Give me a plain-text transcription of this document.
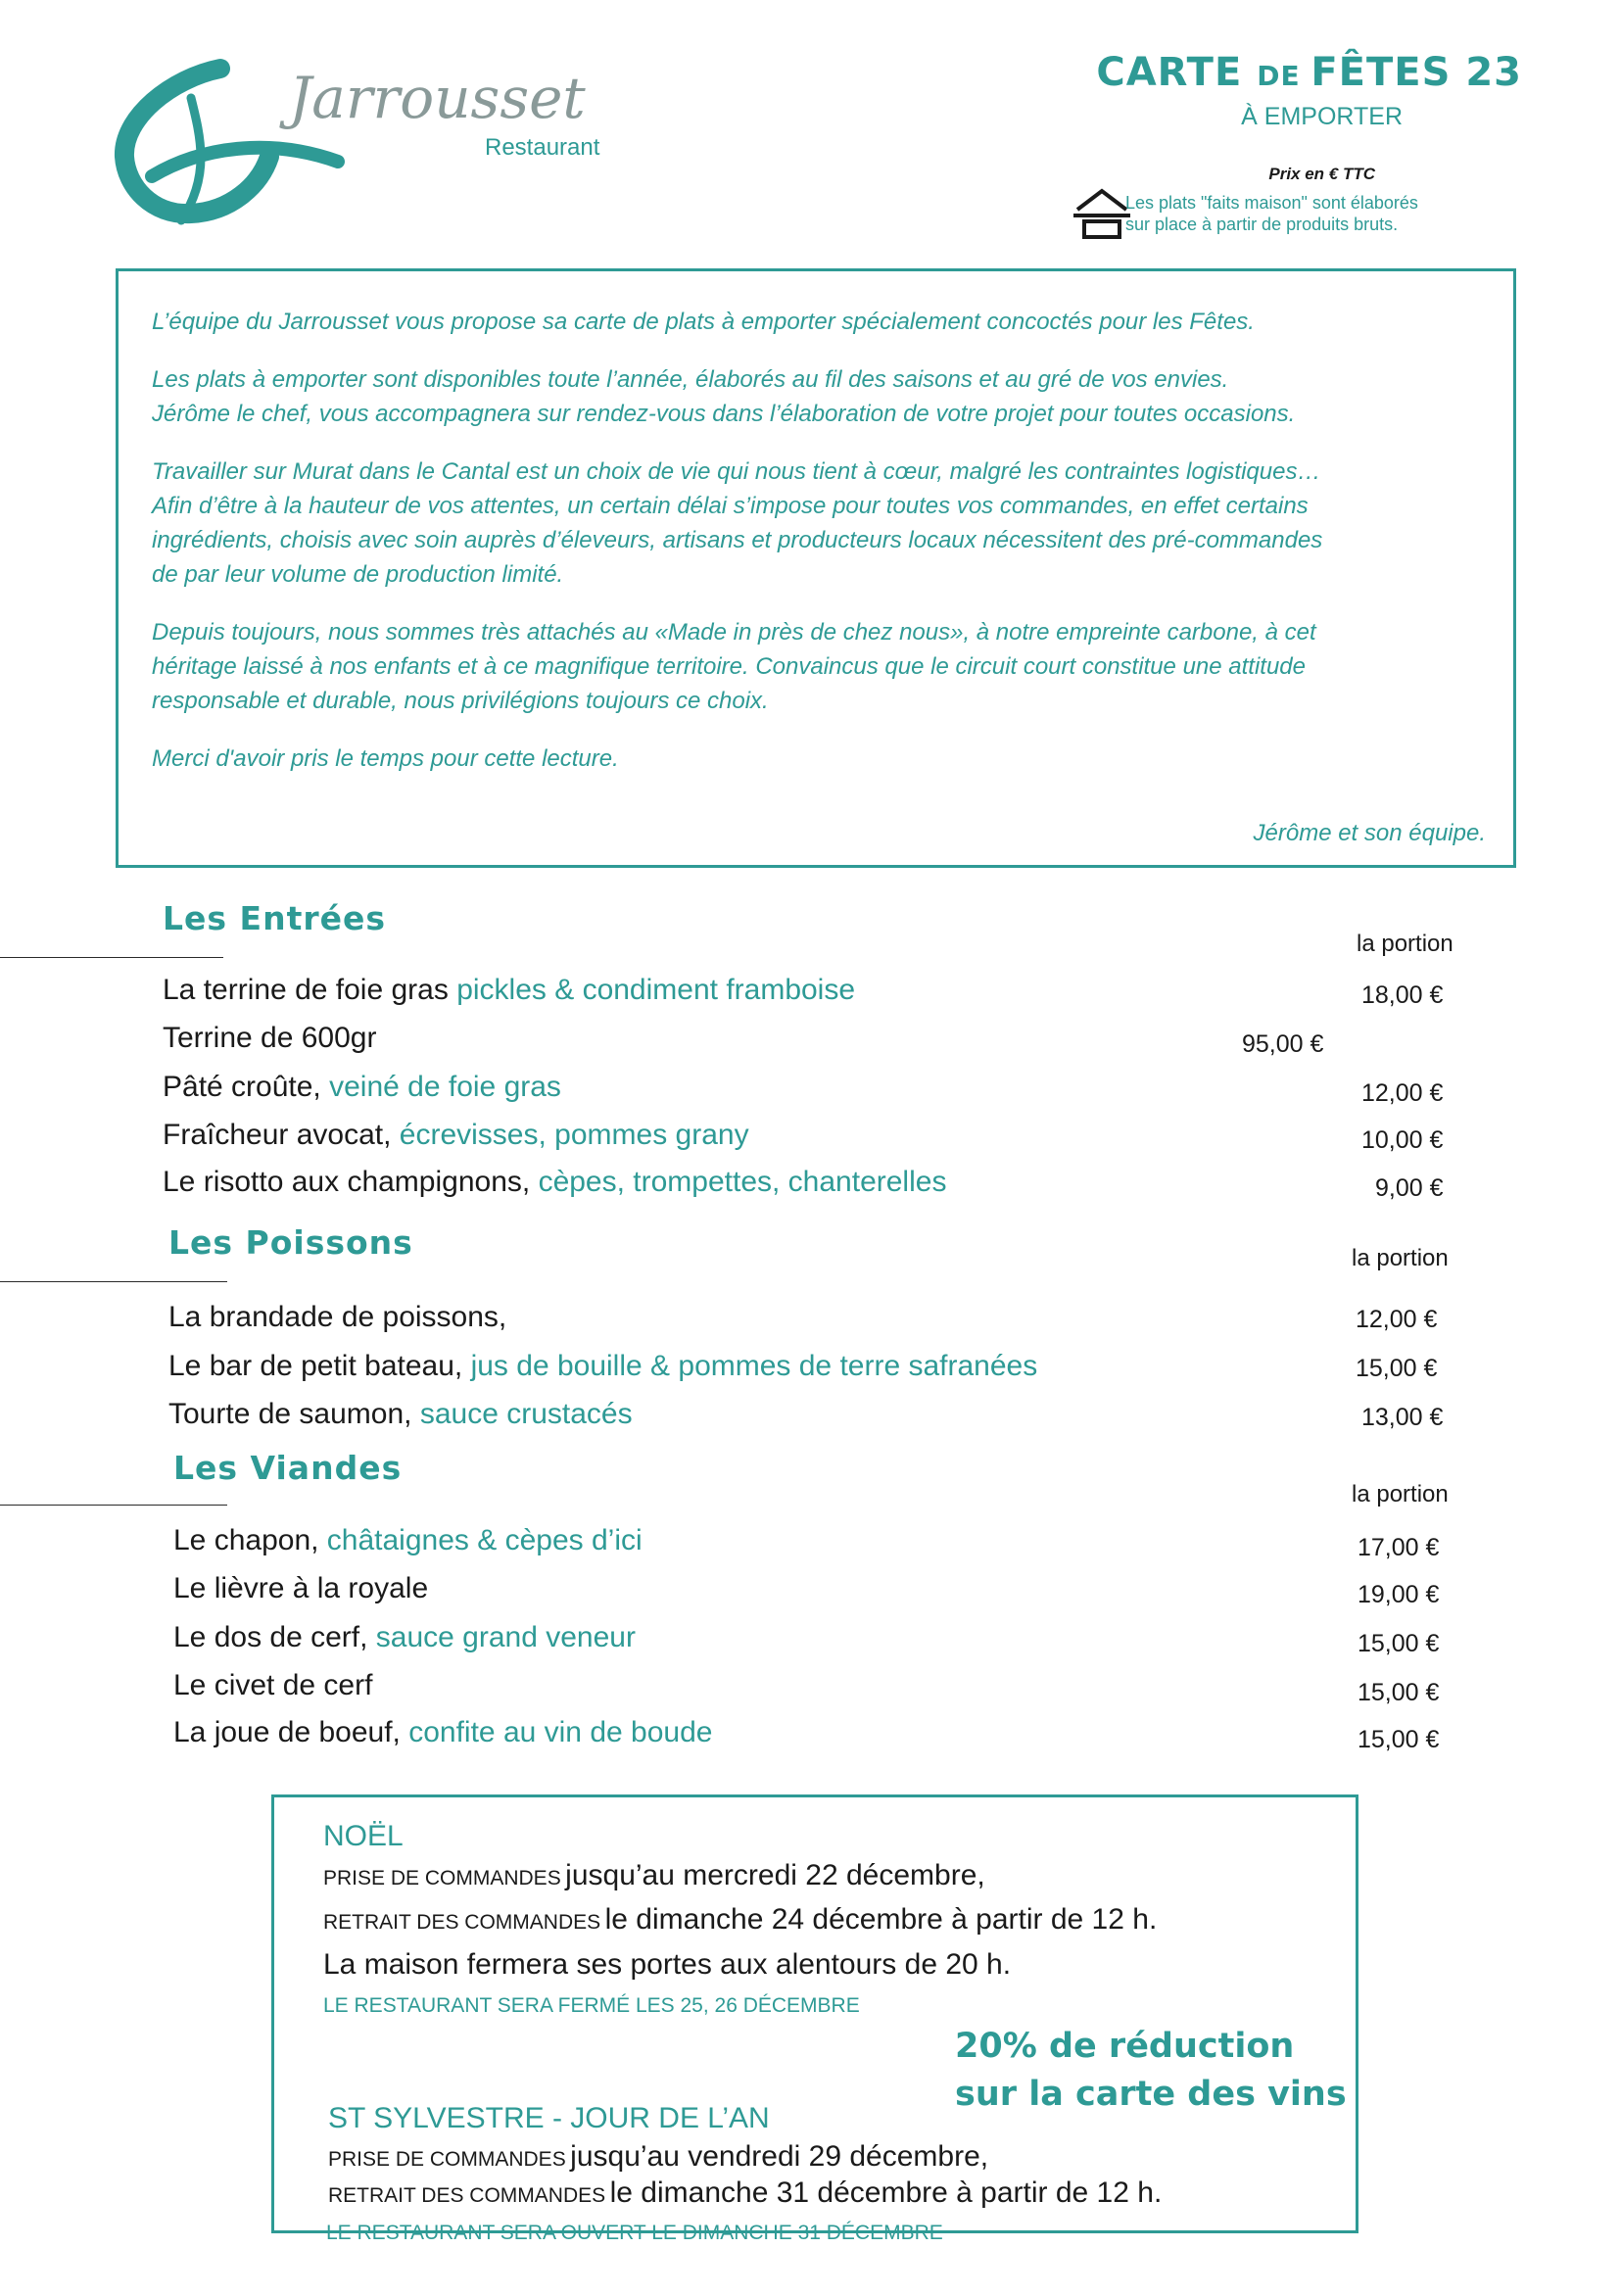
Jarrousset
Restaurant
CARTE DE FÊTES 23
À EMPORTER
Prix en € TTC
Les plats "faits maison" sont élaborés
sur place à partir de produits bruts.

L’équipe du Jarrousset vous propose sa carte de plats à emporter spécialement concoctés pour les Fêtes.

Les plats à emporter sont disponibles toute l’année, élaborés au fil des saisons et au gré de vos envies.
Jérôme le chef, vous accompagnera sur rendez-vous dans l’élaboration de votre projet pour toutes occasions.

Travailler sur Murat dans le Cantal est un choix de vie qui nous tient à cœur, malgré les contraintes logistiques…
Afin d’être à la hauteur de vos attentes, un certain délai s’impose pour toutes vos commandes, en effet certains
ingrédients, choisis avec soin auprès d’éleveurs, artisans et producteurs locaux nécessitent des pré-commandes
de par leur volume de production limité.

Depuis toujours, nous sommes très attachés au «Made in près de chez nous», à notre empreinte carbone, à cet
héritage laissé à nos enfants et à ce magnifique territoire. Convaincus que le circuit court constitue une attitude
responsable et durable, nous privilégions toujours ce choix.

Merci d'avoir pris le temps pour cette lecture.

Jérôme et son équipe.
Les Entrées
la portion
La terrine de foie gras pickles & condiment framboise	18,00 €
Terrine de 600gr	95,00 €
Pâté croûte, veiné de foie gras	12,00 €
Fraîcheur avocat, écrevisses, pommes grany	10,00 €
Le risotto aux champignons, cèpes, trompettes, chanterelles	9,00 €
Les Poissons	la portion
La brandade de poissons,	12,00 €
Le bar de petit bateau, jus de bouille & pommes de terre safranées	15,00 €
Tourte de saumon, sauce crustacés	13,00 €
Les Viandes
la portion
Le chapon, châtaignes & cèpes d’ici	17,00 €
Le lièvre à la royale	19,00 €
Le dos de cerf, sauce grand veneur	15,00 €
Le civet de cerf	15,00 €
La joue de boeuf, confite au vin de boude	15,00 €
NOËL
PRISE DE COMMANDES jusqu’au mercredi 22 décembre,
RETRAIT DES COMMANDES le dimanche 24 décembre à partir de 12 h.
La maison fermera ses portes aux alentours de 20 h.
LE RESTAURANT SERA FERMÉ LES 25, 26 DÉCEMBRE
20% de réduction
sur la carte des vins
ST SYLVESTRE - JOUR DE L’AN
PRISE DE COMMANDES jusqu’au vendredi 29 décembre,
RETRAIT DES COMMANDES le dimanche 31 décembre à partir de 12 h.
LE RESTAURANT SERA OUVERT LE DIMANCHE 31 DÉCEMBRE
